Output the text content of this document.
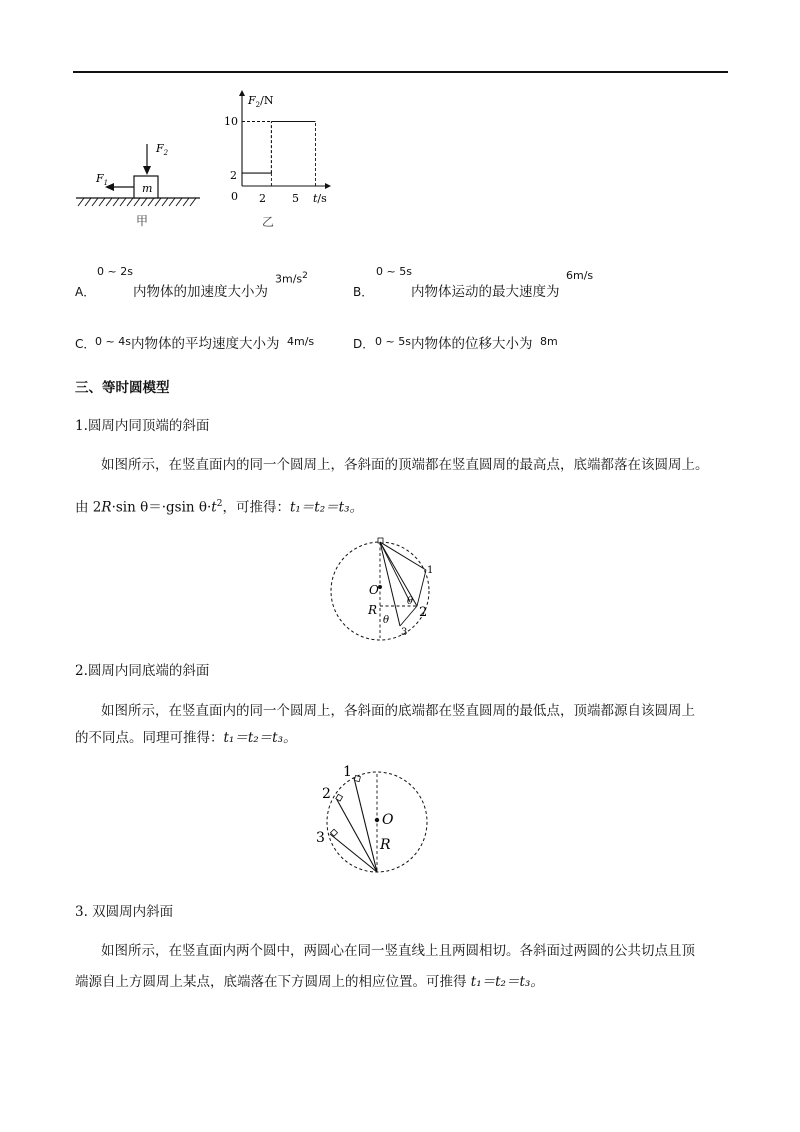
m
$F_2$
$F_1$
甲
$F_2/N$
t/s
10
2
0 2 5
乙
A．
0 ~ 2s
内物体的加速度大小为
$3m/s^2$
B．
0 ~ 5s
内物体运动的最大速度为
6m/s
C． 0 ~ 4s 内物体的平均速度大小为 4m/s	D． 0 ~ 5s 内物体的位移大小为 8m
三、等时圆模型
1.圆周内同顶端的斜面
如图所示，在竖直面内的同一个圆周上，各斜面的顶端都在竖直圆周的最高点，底端都落在该圆周上。
由 2R·sin θ＝·gsin $\theta\cdot t^2$，可推得：t₁＝t₂＝t₃。
O
R
θ
θ
1
2
3
2.圆周内同底端的斜面
如图所示，在竖直面内的同一个圆周上，各斜面的底端都在竖直圆周的最低点，顶端都源自该圆周上
的不同点。同理可推得：t₁＝t₂＝t₃。
1
2
3
O
R
3. 双圆周内斜面
如图所示，在竖直面内两个圆中，两圆心在同一竖直线上且两圆相切。各斜面过两圆的公共切点且顶
端源自上方圆周上某点，底端落在下方圆周上的相应位置。可推得 t₁＝t₂＝t₃。
